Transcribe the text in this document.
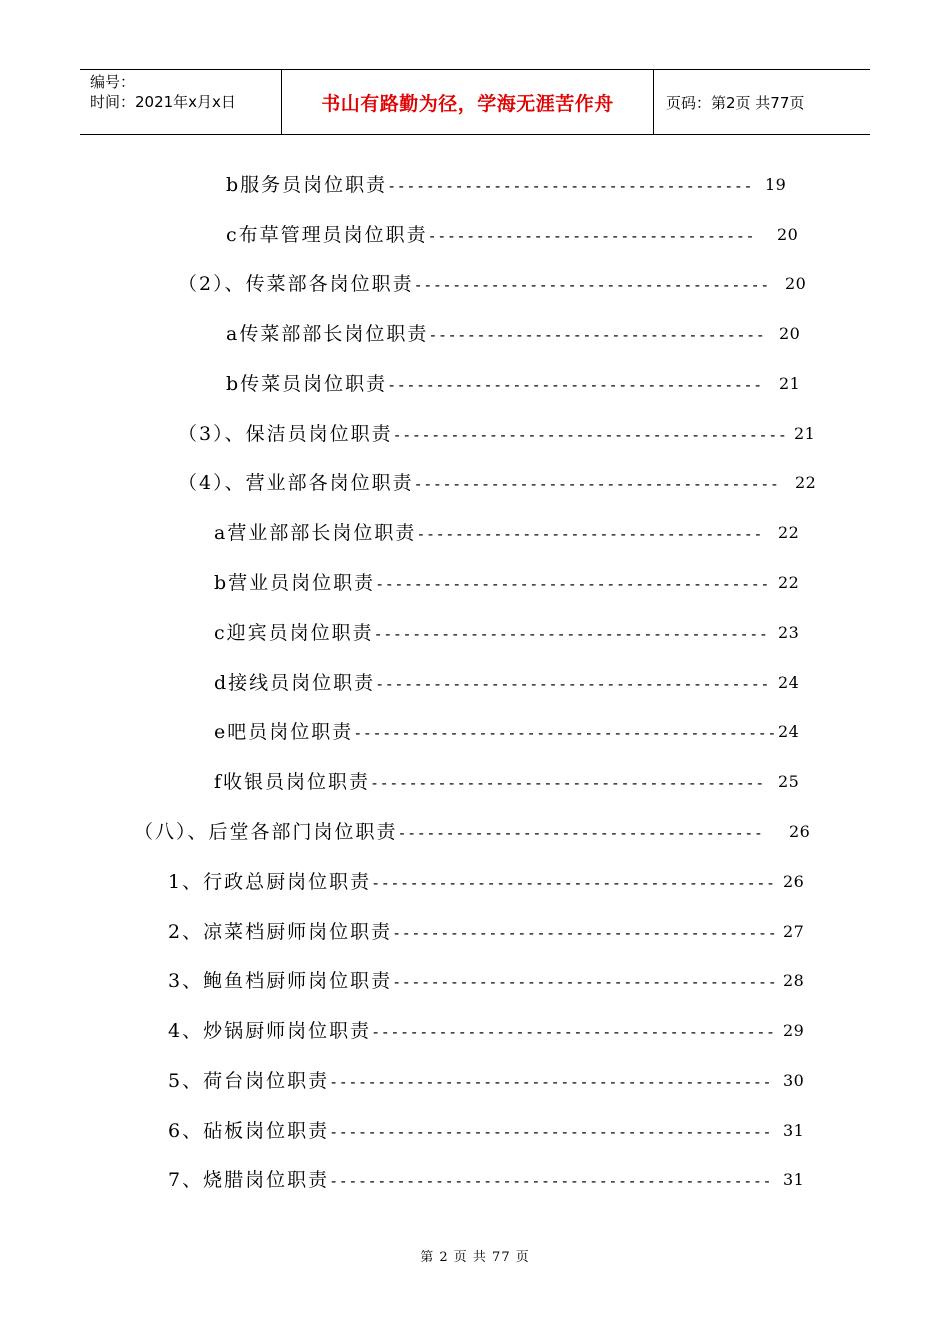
编号：
时间：2021年x月x日	书山有路勤为径，学海无涯苦作舟	页码：第2页 共77页
b服务员岗位职责-------------------------------------- 19
c布草管理员岗位职责---------------------------------- 20
（2）、传菜部各岗位职责------------------------------------- 20
a传菜部部长岗位职责----------------------------------- 20
b传菜员岗位职责--------------------------------------- 21
（3）、保洁员岗位职责----------------------------------------- 21
（4）、营业部各岗位职责-------------------------------------- 22
a营业部部长岗位职责------------------------------------ 22
b营业员岗位职责----------------------------------------- 22
c迎宾员岗位职责----------------------------------------- 23
d接线员岗位职责----------------------------------------- 24
e吧员岗位职责-------------------------------------------- 24
f收银员岗位职责----------------------------------------- 25
（八）、后堂各部门岗位职责-------------------------------------- 26
1、行政总厨岗位职责------------------------------------------ 26
2、凉菜档厨师岗位职责---------------------------------------- 27
3、鲍鱼档厨师岗位职责---------------------------------------- 28
4、炒锅厨师岗位职责------------------------------------------ 29
5、荷台岗位职责---------------------------------------------- 30
6、砧板岗位职责---------------------------------------------- 31
7、烧腊岗位职责---------------------------------------------- 31
第 2 页 共 77 页
